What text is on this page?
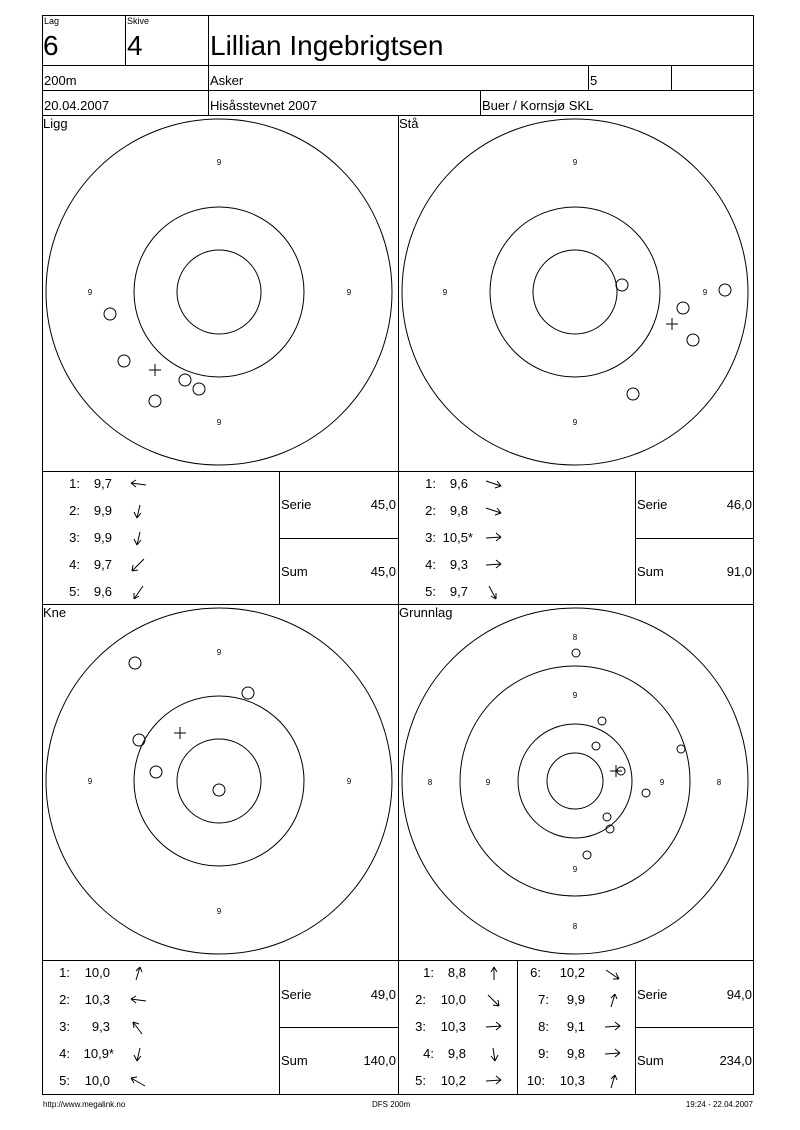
Lag
6
Skive
4 Lillian Ingebrigtsen
200m	Asker	5
20.04.2007	Hisåsstevnet 2007	Buer / Kornsjø SKL
Ligg	Stå
Kne	Grunnlag
9
9	9
9
9
9	9
9
9
9	9
9
8
9
9
8
8	9	9	8
1:	9,7
2:	9,9
3:	9,9
4:	9,7
5:	9,6
1:	9,6
2:	9,8
3: 10,5*
4:	9,3
5:	9,7
1:	10,0
2:	10,3
3:	9,3
4:	10,9*
5:	10,0
1:	8,8
2:	10,0
3:	10,3
4:	9,8
5:	10,2
6:	10,2
7:	9,9
8:	9,1
9:	9,8
10:	10,3
Serie	45,0
Sum	45,0
Serie	46,0
Sum	91,0
Serie	49,0
Sum	140,0
Serie	94,0
Sum	234,0
http://www.megalink.no	DFS 200m	19:24 - 22.04.2007
